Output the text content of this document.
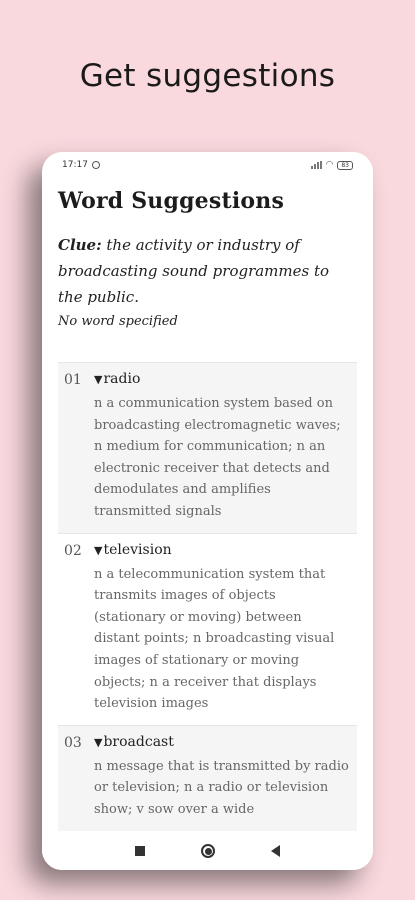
Get suggestions
17:17	◠	83
Word Suggestions
Clue: the activity or industry of broadcasting sound programmes to the public.
No word specified
01	▼radio
n a communication system based on broadcasting electromagnetic waves; n medium for communication; n an electronic receiver that detects and demodulates and amplifies transmitted signals
02	▼television
n a telecommunication system that transmits images of objects (stationary or moving) between distant points; n broadcasting visual images of stationary or moving objects; n a receiver that displays television images
03	▼broadcast
n message that is transmitted by radio or television; n a radio or television show; v sow over a wide
